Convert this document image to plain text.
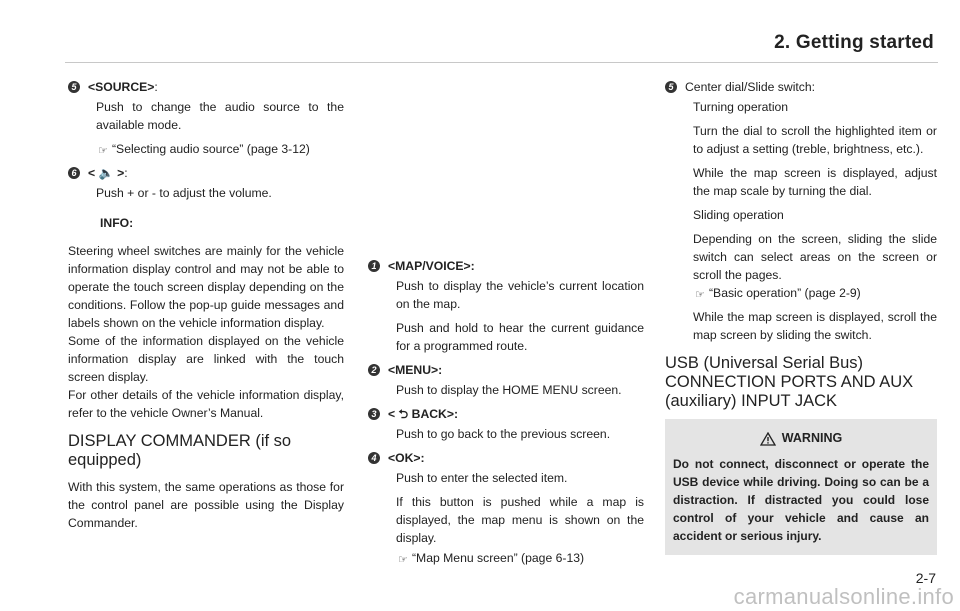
2. Getting started
5 <SOURCE>:

Push to change the audio source to the available mode.

☞ “Selecting audio source” (page 3-12)

6 < 🔈 >:

Push + or - to adjust the volume.

INFO:

Steering wheel switches are mainly for the vehicle information display control and may not be able to operate the touch screen display depending on the conditions. Follow the pop-up guide messages and labels shown on the vehicle information display.

Some of the information displayed on the vehicle information display are linked with the touch screen display.

For other details of the vehicle information display, refer to the vehicle Owner’s Manual.

DISPLAY COMMANDER (if so equipped)

With this system, the same operations as those for the control panel are possible using the Display Commander.

1 <MAP/VOICE>:

Push to display the vehicle’s current location on the map.

Push and hold to hear the current guidance for a programmed route.

2 <MENU>:

Push to display the HOME MENU screen.

3 < ⮌ BACK>:

Push to go back to the previous screen.

4 <OK>:

Push to enter the selected item.

If this button is pushed while a map is displayed, the map menu is shown on the display.

☞ “Map Menu screen” (page 6-13)

5 Center dial/Slide switch:

Turning operation

Turn the dial to scroll the highlighted item or to adjust a setting (treble, brightness, etc.).

While the map screen is displayed, adjust the map scale by turning the dial.

Sliding operation

Depending on the screen, sliding the slide switch can select areas on the screen or scroll the pages.

☞ “Basic operation” (page 2-9)

While the map screen is displayed, scroll the map screen by sliding the switch.

USB (Universal Serial Bus) CONNECTION PORTS AND AUX (auxiliary) INPUT JACK
WARNING
Do not connect, disconnect or operate the USB device while driving. Doing so can be a distraction. If distracted you could lose control of your vehicle and cause an accident or serious injury.
2-7
carmanualsonline.info
